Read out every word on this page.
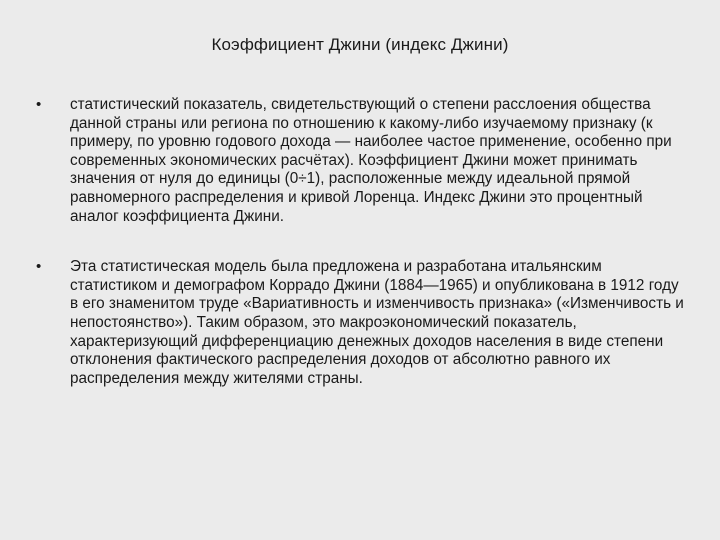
Коэффициент Джини (индекс Джини)
•	статистический показатель, свидетельствующий о степени расслоения общества данной страны или региона по отношению к какому-либо изучаемому признаку (к примеру, по уровню годового дохода — наиболее частое применение, особенно при современных экономических расчётах). Коэффициент Джини может принимать значения от нуля до единицы (0÷1), расположенные между идеальной прямой равномерного распределения и кривой Лоренца. Индекс Джини это процентный аналог коэффициента Джини.
•	Эта статистическая модель была предложена и разработана итальянским статистиком и демографом Коррадо Джини (1884—1965) и опубликована в 1912 году в его знаменитом труде «Вариативность и изменчивость признака» («Изменчивость и непостоянство»). Таким образом, это макроэкономический показатель, характеризующий дифференциацию денежных доходов населения в виде степени отклонения фактического распределения доходов от абсолютно равного их распределения между жителями страны.
